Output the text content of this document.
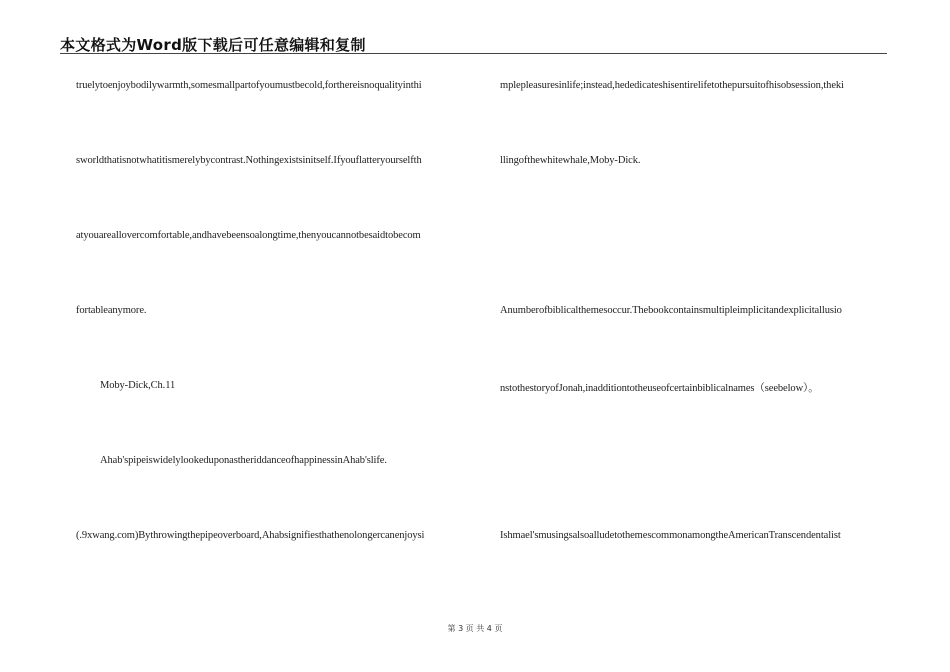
本文格式为Word版下载后可任意编辑和复制
truelytoenjoybodilywarmth,somesmallpartofyoumustbecold,forthereisnoqualityinthi
sworldthatisnotwhatitismerelybycontrast.Nothingexistsinitself.Ifyouflatteryourselfth
atyouareallovercomfortable,andhavebeensoalongtime,thenyoucannotbesaidtobecom
fortableanymore.
Moby-Dick,Ch.11
Ahab'spipeiswidelylookeduponastheriddanceofhappinessinAhab'slife.
(.9xwang.com)Bythrowingthepipeoverboard,Ahabsignifiesthathenolongercanenjoysi
mplepleasuresinlife;instead,hededicateshisentirelifetothepursuitofhisobsession,theki
llingofthewhitewhale,Moby-Dick.
Anumberofbiblicalthemesoccur.Thebookcontainsmultipleimplicitandexplicitallusio
nstothestoryofJonah,inadditiontotheuseofcertainbiblicalnames（seebelow）。
Ishmael'smusingsalsoalludetothemescommonamongtheAmericanTranscendentalist
第 3 页 共 4 页
